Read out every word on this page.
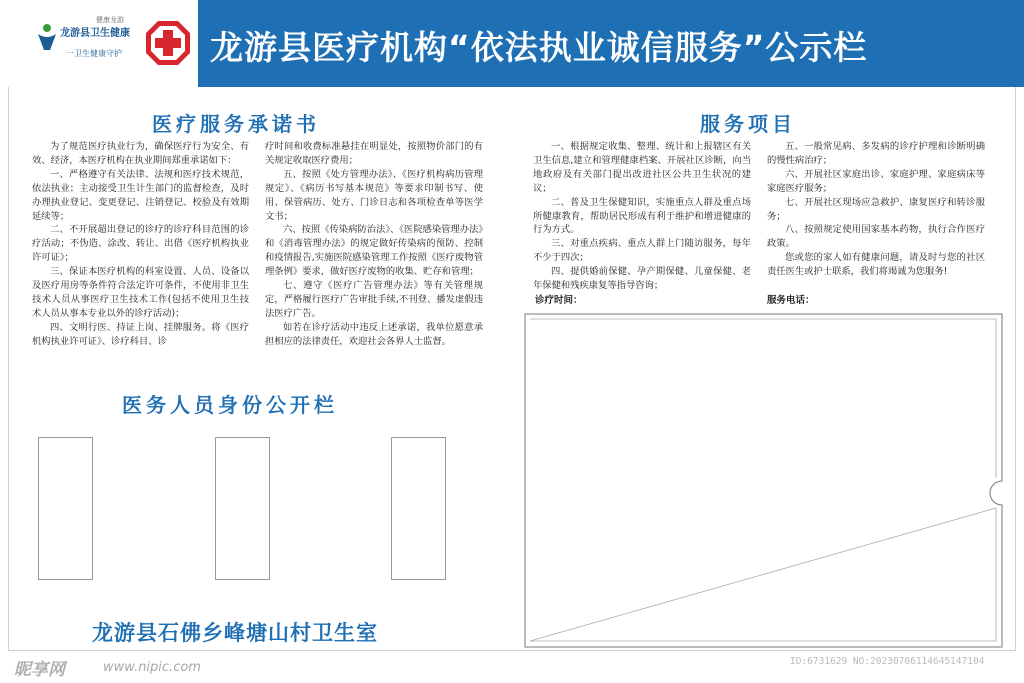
健康龙游
龙游县卫生健康
一卫生健康守护	龙游县医疗机构“依法执业诚信服务”公示栏
医疗服务承诺书

为了规范医疗执业行为，确保医疗行为安全、有效、经济，本医疗机构在执业期间郑重承诺如下：

一、严格遵守有关法律、法规和医疗技术规范，依法执业；主动接受卫生计生部门的监督检查，及时办理执业登记、变更登记、注销登记、校验及有效期延续等；

二、不开展超出登记的诊疗的诊疗科目范围的诊疗活动；不伪造、涂改、转让、出借《医疗机构执业许可证》；

三、保证本医疗机构的科室设置、人员、设备以及医疗用房等条件符合法定许可条件，不使用非卫生技术人员从事医疗卫生技术工作(包括不使用卫生技术人员从事本专业以外的诊疗活动)；

四、文明行医、持证上岗、挂牌服务。将《医疗机构执业许可证》、诊疗科目、诊

疗时间和收费标准悬挂在明显处，按照物价部门的有关规定收取医疗费用；

五、按照《处方管理办法》、《医疗机构病历管理规定》、《病历书写基本规范》等要求印制书写、使用、保管病历、处方、门诊日志和各项检查单等医学文书；

六、按照《传染病防治法》、《医院感染管理办法》和《消毒管理办法》的规定做好传染病的预防、控制和疫情报告,实施医院感染管理工作按照《医疗废物管理条例》要求，做好医疗废物的收集、贮存和管理；

七、遵守《医疗广告管理办法》等有关管理规定，严格履行医疗广告审批手续,不刊登、播发虚假违法医疗广告。

如若在诊疗活动中违反上述承诺，我单位愿意承担相应的法律责任，欢迎社会各界人士监督。

医务人员身份公开栏
龙游县石佛乡峰塘山村卫生室
服务项目

一、根据规定收集、整理、统计和上报辖区有关卫生信息,建立和管理健康档案、开展社区诊断，向当地政府及有关部门提出改进社区公共卫生状况的建议；

二、普及卫生保健知识，实施重点人群及重点场所健康教育，帮助居民形成有利于维护和增进健康的行为方式。

三、对重点疾病、重点人群上门随访服务，每年不少于四次；

四、提供婚前保健、孕产期保健、儿童保健、老年保健和残疾康复等指导咨询；

五、一般常见病、多发病的诊疗护理和诊断明确的慢性病治疗；

六、开展社区家庭出诊、家庭护理、家庭病床等家庭医疗服务；

七、开展社区现场应急救护、康复医疗和转诊服务；

八、按照规定使用国家基本药物，执行合作医疗政策。

您或您的家人如有健康问题，请及时与您的社区责任医生或护士联系，我们将竭诚为您服务!

诊疗时间：	服务电话：
昵享网	www.nipic.com	ID:6731629 NO:20230706114645147104
